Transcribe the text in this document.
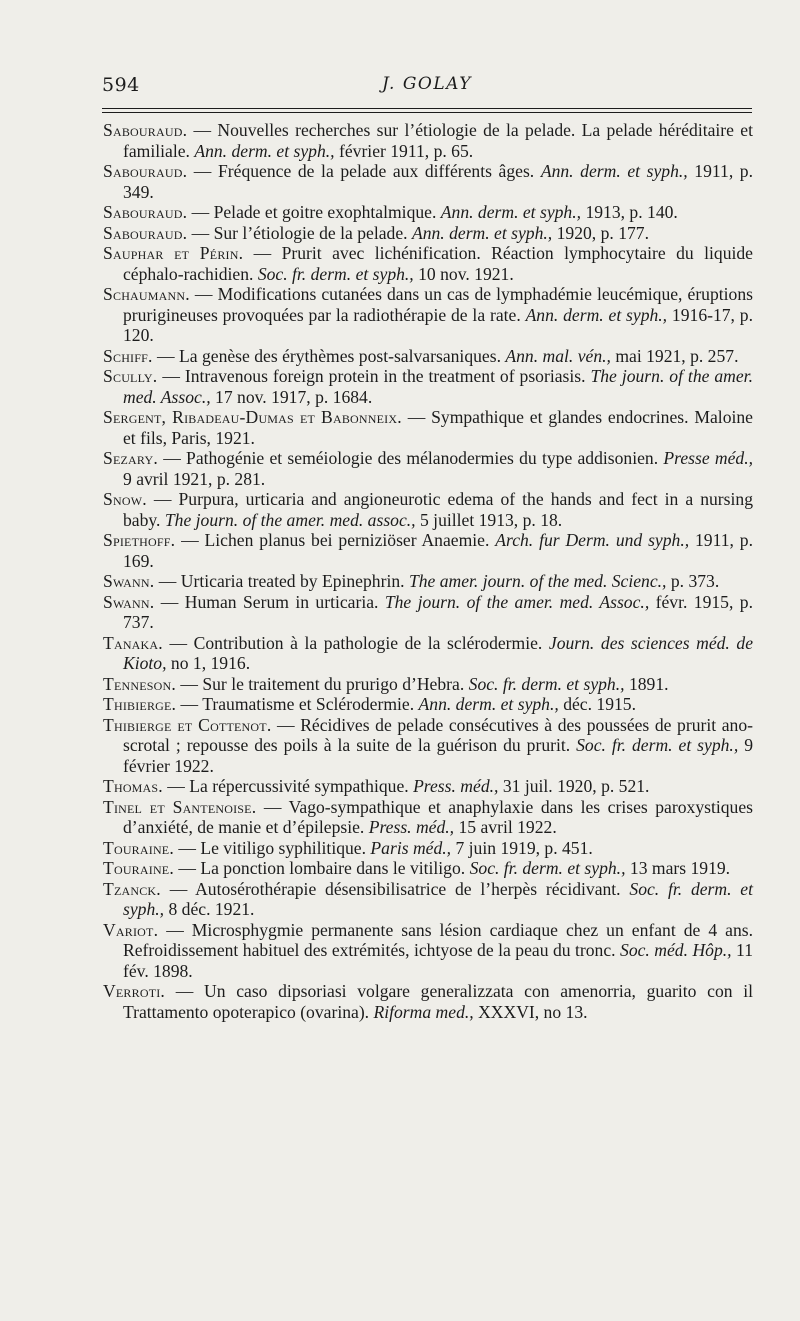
594	J. GOLAY
Sabouraud. — Nouvelles recherches sur l’étiologie de la pelade. La pelade héréditaire et familiale. Ann. derm. et syph., février 1911, p. 65.
Sabouraud. — Fréquence de la pelade aux différents âges. Ann. derm. et syph., 1911, p. 349.
Sabouraud. — Pelade et goitre exophtalmique. Ann. derm. et syph., 1913, p. 140.
Sabouraud. — Sur l’étiologie de la pelade. Ann. derm. et syph., 1920, p. 177.
Sauphar et Périn. — Prurit avec lichénification. Réaction lymphocytaire du liquide céphalo-rachidien. Soc. fr. derm. et syph., 10 nov. 1921.
Schaumann. — Modifications cutanées dans un cas de lymphadémie leucémique, éruptions prurigineuses provoquées par la radiothérapie de la rate. Ann. derm. et syph., 1916-17, p. 120.
Schiff. — La genèse des érythèmes post-salvarsaniques. Ann. mal. vén., mai 1921, p. 257.
Scully. — Intravenous foreign protein in the treatment of psoriasis. The journ. of the amer. med. Assoc., 17 nov. 1917, p. 1684.
Sergent, Ribadeau-Dumas et Babonneix. — Sympathique et glandes endocrines. Maloine et fils, Paris, 1921.
Sezary. — Pathogénie et seméiologie des mélanodermies du type addisonien. Presse méd., 9 avril 1921, p. 281.
Snow. — Purpura, urticaria and angioneurotic edema of the hands and fect in a nursing baby. The journ. of the amer. med. assoc., 5 juillet 1913, p. 18.
Spiethoff. — Lichen planus bei perniziöser Anaemie. Arch. fur Derm. und syph., 1911, p. 169.
Swann. — Urticaria treated by Epinephrin. The amer. journ. of the med. Scienc., p. 373.
Swann. — Human Serum in urticaria. The journ. of the amer. med. Assoc., févr. 1915, p. 737.
Tanaka. — Contribution à la pathologie de la sclérodermie. Journ. des sciences méd. de Kioto, no 1, 1916.
Tenneson. — Sur le traitement du prurigo d’Hebra. Soc. fr. derm. et syph., 1891.
Thibierge. — Traumatisme et Sclérodermie. Ann. derm. et syph., déc. 1915.
Thibierge et Cottenot. — Récidives de pelade consécutives à des poussées de prurit ano-scrotal ; repousse des poils à la suite de la guérison du prurit. Soc. fr. derm. et syph., 9 février 1922.
Thomas. — La répercussivité sympathique. Press. méd., 31 juil. 1920, p. 521.
Tinel et Santenoise. — Vago-sympathique et anaphylaxie dans les crises paroxystiques d’anxiété, de manie et d’épilepsie. Press. méd., 15 avril 1922.
Touraine. — Le vitiligo syphilitique. Paris méd., 7 juin 1919, p. 451.
Touraine. — La ponction lombaire dans le vitiligo. Soc. fr. derm. et syph., 13 mars 1919.
Tzanck. — Autosérothérapie désensibilisatrice de l’herpès récidivant. Soc. fr. derm. et syph., 8 déc. 1921.
Variot. — Microsphygmie permanente sans lésion cardiaque chez un enfant de 4 ans. Refroidissement habituel des extrémités, ichtyose de la peau du tronc. Soc. méd. Hôp., 11 fév. 1898.
Verroti. — Un caso dipsoriasi volgare generalizzata con amenorria, guarito con il Trattamento opoterapico (ovarina). Riforma med., XXXVI, no 13.
